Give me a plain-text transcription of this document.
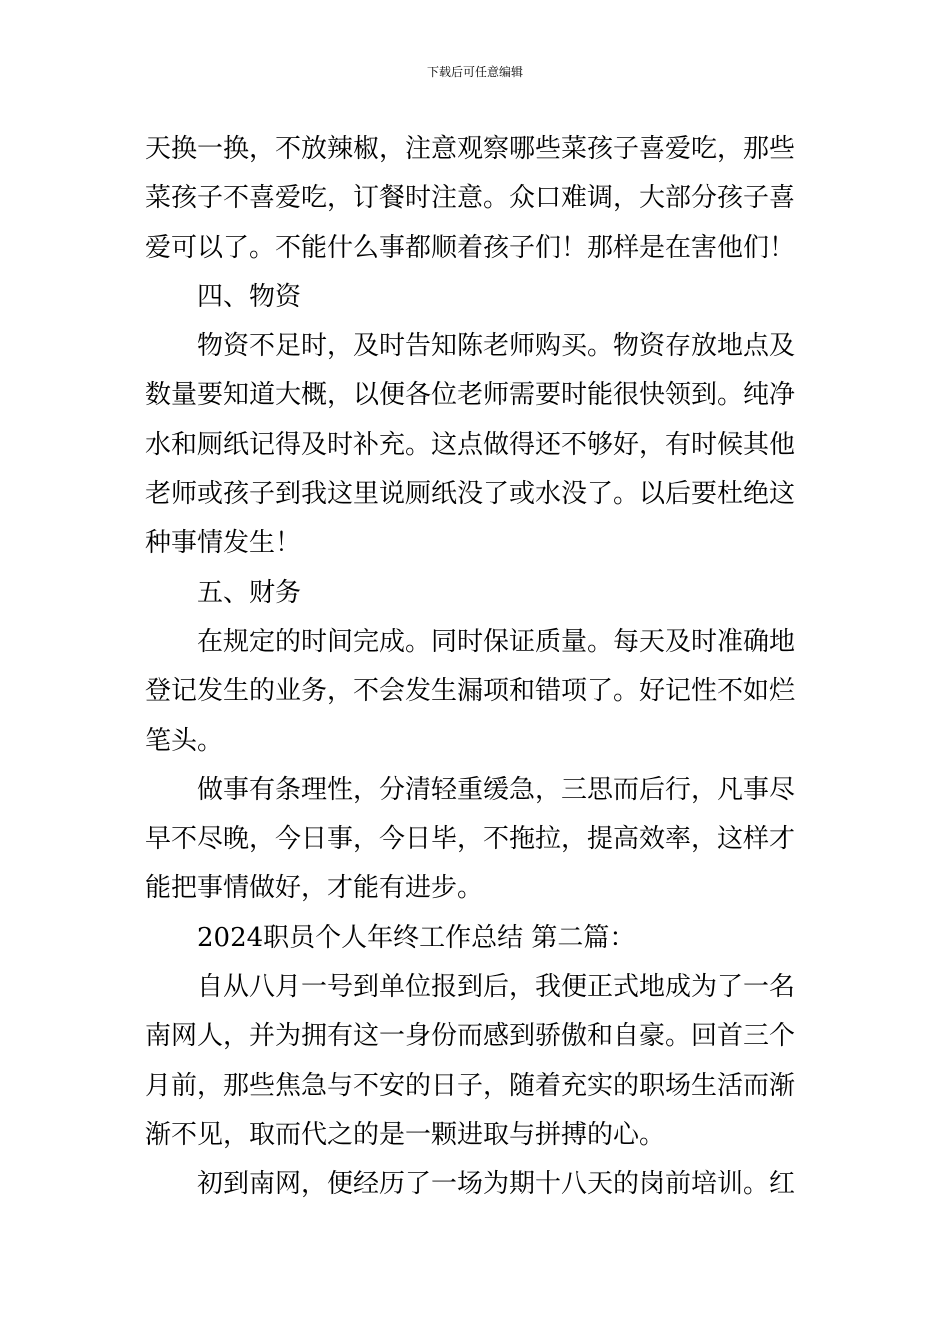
下载后可任意编辑
天换一换，不放辣椒，注意观察哪些菜孩子喜爱吃，那些
菜孩子不喜爱吃，订餐时注意。众口难调，大部分孩子喜
爱可以了。不能什么事都顺着孩子们！那样是在害他们！
四、物资
物资不足时，及时告知陈老师购买。物资存放地点及
数量要知道大概，以便各位老师需要时能很快领到。纯净
水和厕纸记得及时补充。这点做得还不够好，有时候其他
老师或孩子到我这里说厕纸没了或水没了。以后要杜绝这
种事情发生！
五、财务
在规定的时间完成。同时保证质量。每天及时准确地
登记发生的业务，不会发生漏项和错项了。好记性不如烂
笔头。
做事有条理性，分清轻重缓急，三思而后行，凡事尽
早不尽晚，今日事，今日毕，不拖拉，提高效率，这样才
能把事情做好，才能有进步。
2024职员个人年终工作总结 第二篇：
自从八月一号到单位报到后，我便正式地成为了一名
南网人，并为拥有这一身份而感到骄傲和自豪。回首三个
月前，那些焦急与不安的日子，随着充实的职场生活而渐
渐不见，取而代之的是一颗进取与拼搏的心。
初到南网，便经历了一场为期十八天的岗前培训。红
